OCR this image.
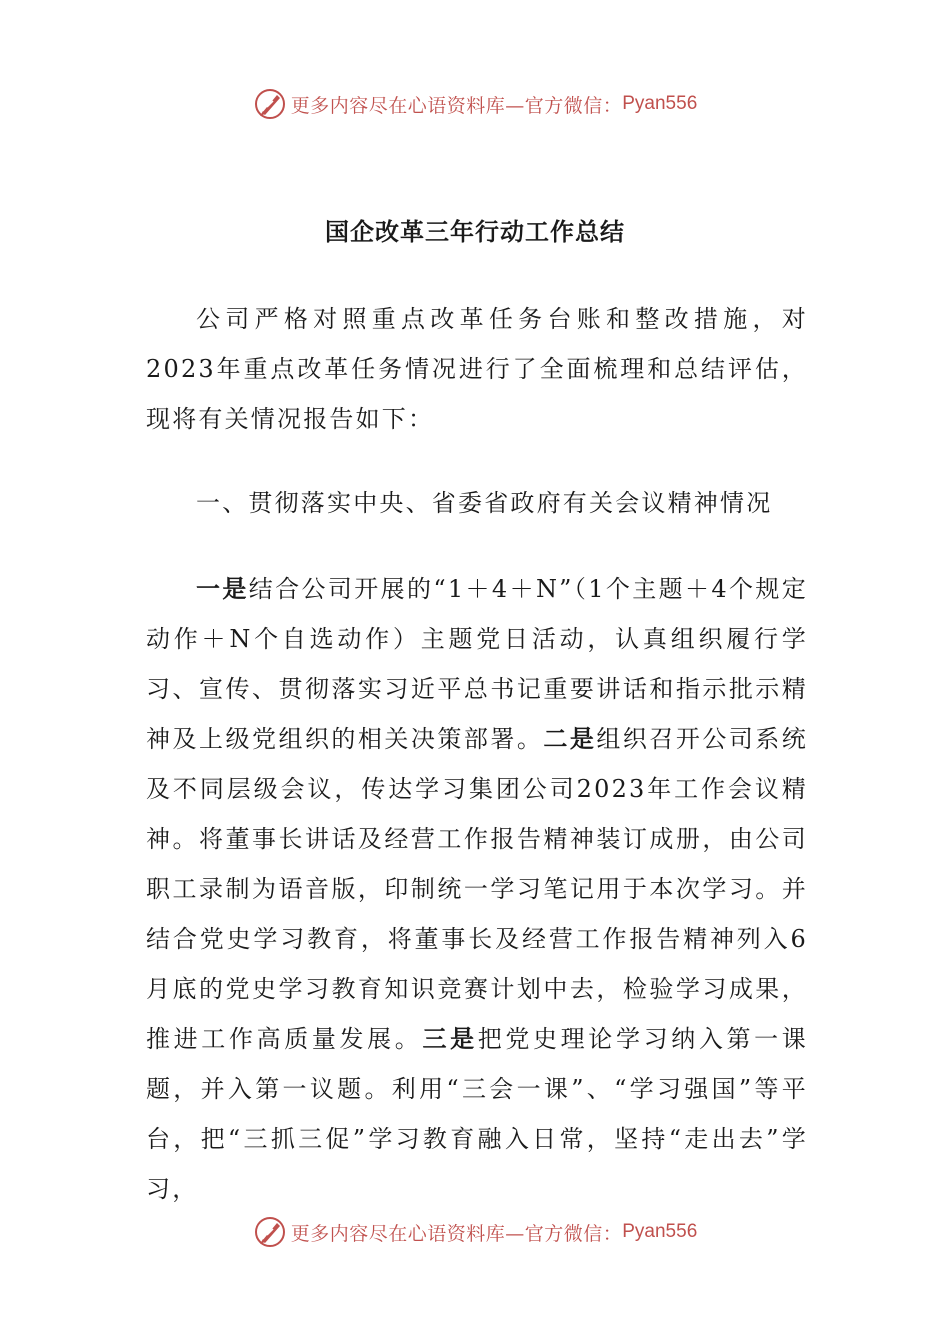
更多内容尽在心语资料库—官方微信： Pyan556
国企改革三年行动工作总结

公司严格对照重点改革任务台账和整改措施，对2023年重点改革任务情况进行了全面梳理和总结评估，现将有关情况报告如下：

一、贯彻落实中央、省委省政府有关会议精神情况

一是结合公司开展的“1＋4＋N”（1个主题＋4个规定动作＋N个自选动作）主题党日活动，认真组织履行学习、宣传、贯彻落实习近平总书记重要讲话和指示批示精神及上级党组织的相关决策部署。二是组织召开公司系统及不同层级会议，传达学习集团公司2023年工作会议精神。将董事长讲话及经营工作报告精神装订成册，由公司职工录制为语音版，印制统一学习笔记用于本次学习。并结合党史学习教育，将董事长及经营工作报告精神列入6月底的党史学习教育知识竞赛计划中去，检验学习成果，推进工作高质量发展。三是把党史理论学习纳入第一课题，并入第一议题。利用“三会一课”、“学习强国”等平台，把“三抓三促”学习教育融入日常，坚持“走出去”学习，

更多内容尽在心语资料库—官方微信： Pyan556
